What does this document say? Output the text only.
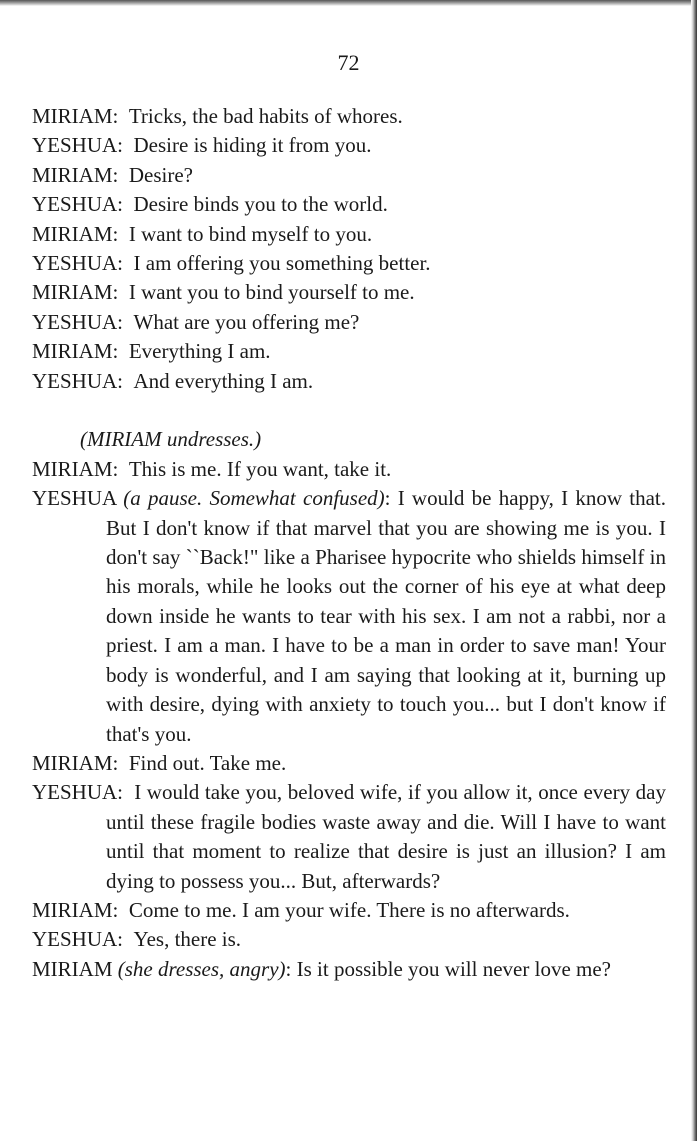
72
MIRIAM: Tricks, the bad habits of whores.
YESHUA: Desire is hiding it from you.
MIRIAM: Desire?
YESHUA: Desire binds you to the world.
MIRIAM: I want to bind myself to you.
YESHUA: I am offering you something better.
MIRIAM: I want you to bind yourself to me.
YESHUA: What are you offering me?
MIRIAM: Everything I am.
YESHUA: And everything I am.
(MIRIAM undresses.)
MIRIAM: This is me. If you want, take it.
YESHUA (a pause. Somewhat confused): I would be happy, I know that. But I don't know if that marvel that you are showing me is you. I don't say ``Back!" like a Pharisee hypocrite who shields himself in his morals, while he looks out the corner of his eye at what deep down inside he wants to tear with his sex. I am not a rabbi, nor a priest. I am a man. I have to be a man in order to save man! Your body is wonderful, and I am saying that looking at it, burning up with desire, dying with anxiety to touch you... but I don't know if that's you.
MIRIAM: Find out. Take me.
YESHUA: I would take you, beloved wife, if you allow it, once every day until these fragile bodies waste away and die. Will I have to want until that moment to realize that desire is just an illusion? I am dying to possess you... But, afterwards?
MIRIAM: Come to me. I am your wife. There is no afterwards.
YESHUA: Yes, there is.
MIRIAM (she dresses, angry): Is it possible you will never love me?
